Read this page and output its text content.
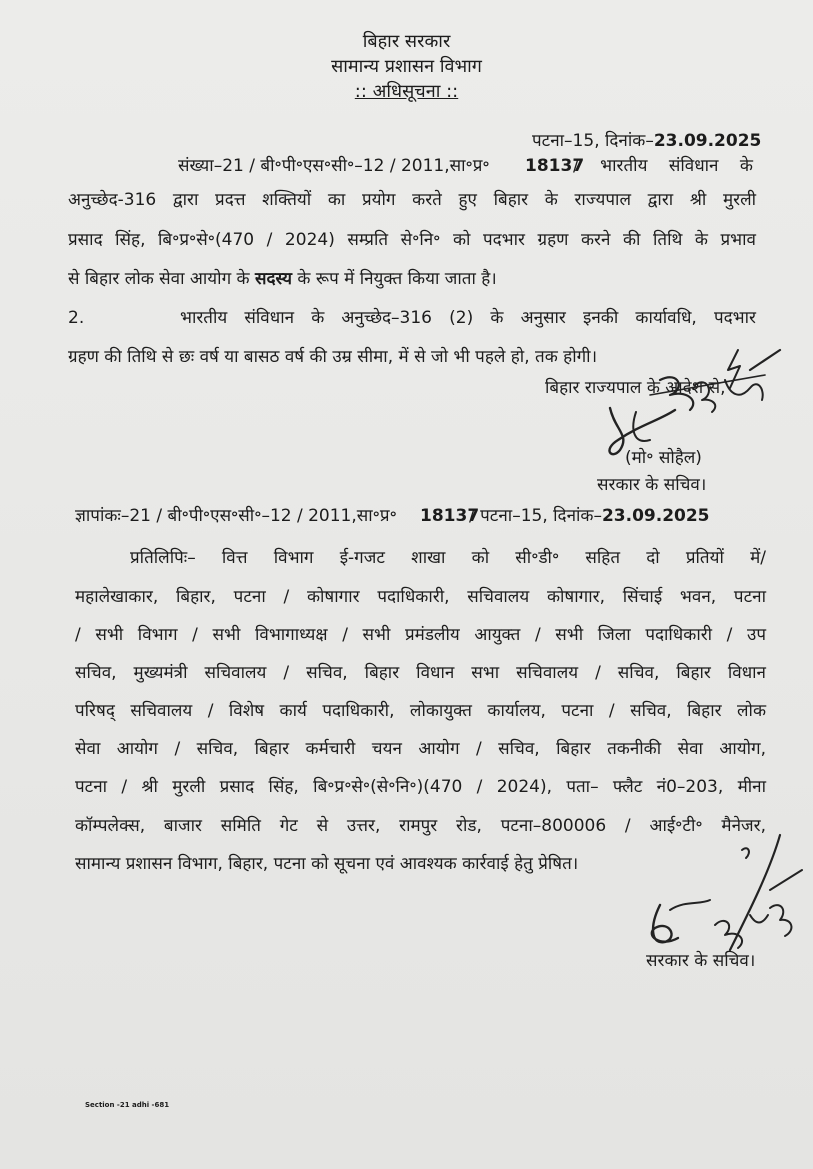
बिहार सरकार
सामान्य प्रशासन विभाग
:: अधिसूचना ::
पटना–15, दिनांक–23.09.2025
संख्या–21 / बी॰पी॰एस॰सी॰–12 / 2011,सा॰प्र॰ 18137
/ भारतीय संविधान के
अनुच्छेद-316 द्वारा प्रदत्त शक्तियों का प्रयोग करते हुए बिहार के राज्यपाल द्वारा श्री मुरली
प्रसाद सिंह, बि॰प्र॰से॰(470 / 2024) सम्प्रति से॰नि॰ को पदभार ग्रहण करने की तिथि के प्रभाव
से बिहार लोक सेवा आयोग के सदस्य के रूप में नियुक्त किया जाता है।
2.	भारतीय संविधान के अनुच्छेद–316 (2) के अनुसार इनकी कार्यावधि, पदभार
ग्रहण की तिथि से छः वर्ष या बासठ वर्ष की उम्र सीमा, में से जो भी पहले हो, तक होगी।
बिहार राज्यपाल के आदेश से,
(मो॰ सोहैल)
सरकार के सचिव।
ज्ञापांकः–21 / बी॰पी॰एस॰सी॰–12 / 2011,सा॰प्र॰ 18137
/ पटना–15, दिनांक–23.09.2025
प्रतिलिपिः– वित्त विभाग ई-गजट शाखा को सी॰डी॰ सहित दो प्रतियों में/
महालेखाकार, बिहार, पटना / कोषागार पदाधिकारी, सचिवालय कोषागार, सिंचाई भवन, पटना
/ सभी विभाग / सभी विभागाध्यक्ष / सभी प्रमंडलीय आयुक्त / सभी जिला पदाधिकारी / उप
सचिव, मुख्यमंत्री सचिवालय / सचिव, बिहार विधान सभा सचिवालय / सचिव, बिहार विधान
परिषद् सचिवालय / विशेष कार्य पदाधिकारी, लोकायुक्त कार्यालय, पटना / सचिव, बिहार लोक
सेवा आयोग / सचिव, बिहार कर्मचारी चयन आयोग / सचिव, बिहार तकनीकी सेवा आयोग,
पटना / श्री मुरली प्रसाद सिंह, बि॰प्र॰से॰(से॰नि॰)(470 / 2024), पता– फ्लैट नं0–203, मीना
कॉम्पलेक्स, बाजार समिति गेट से उत्तर, रामपुर रोड, पटना–800006 / आई॰टी॰ मैनेजर,
सामान्य प्रशासन विभाग, बिहार, पटना को सूचना एवं आवश्यक कार्रवाई हेतु प्रेषित।
सरकार के सचिव।
Section -21 adhi -681
